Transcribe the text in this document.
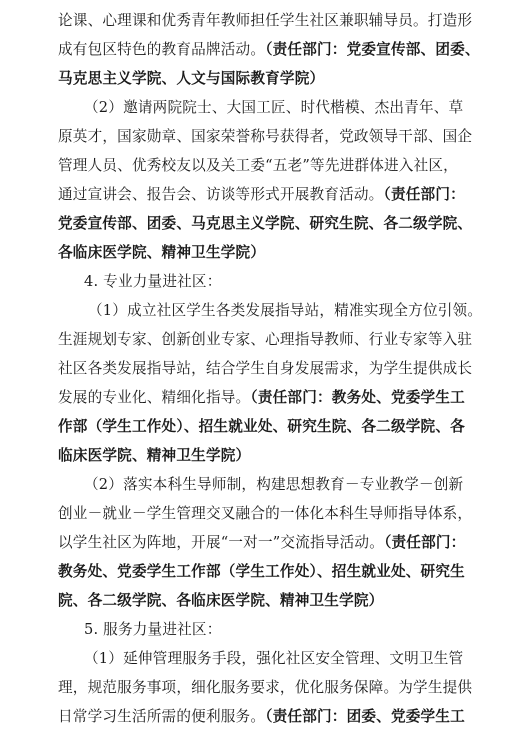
论课、心理课和优秀青年教师担任学生社区兼职辅导员。打造形
成有包区特色的教育品牌活动。（责任部门：党委宣传部、团委、
马克思主义学院、人文与国际教育学院）
（2）邀请两院院士、大国工匠、时代楷模、杰出青年、草
原英才，国家勋章、国家荣誉称号获得者，党政领导干部、国企
管理人员、优秀校友以及关工委“五老”等先进群体进入社区，
通过宣讲会、报告会、访谈等形式开展教育活动。（责任部门：
党委宣传部、团委、马克思主义学院、研究生院、各二级学院、
各临床医学院、精神卫生学院）
4. 专业力量进社区：
（1）成立社区学生各类发展指导站，精准实现全方位引领。
生涯规划专家、创新创业专家、心理指导教师、行业专家等入驻
社区各类发展指导站，结合学生自身发展需求，为学生提供成长
发展的专业化、精细化指导。（责任部门：教务处、党委学生工
作部（学生工作处）、招生就业处、研究生院、各二级学院、各
临床医学院、精神卫生学院）
（2）落实本科生导师制，构建思想教育－专业教学－创新
创业－就业－学生管理交叉融合的一体化本科生导师指导体系，
以学生社区为阵地，开展“一对一”交流指导活动。（责任部门：
教务处、党委学生工作部（学生工作处）、招生就业处、研究生
院、各二级学院、各临床医学院、精神卫生学院）
5. 服务力量进社区：
（1）延伸管理服务手段，强化社区安全管理、文明卫生管
理，规范服务事项，细化服务要求，优化服务保障。为学生提供
日常学习生活所需的便利服务。（责任部门：团委、党委学生工
